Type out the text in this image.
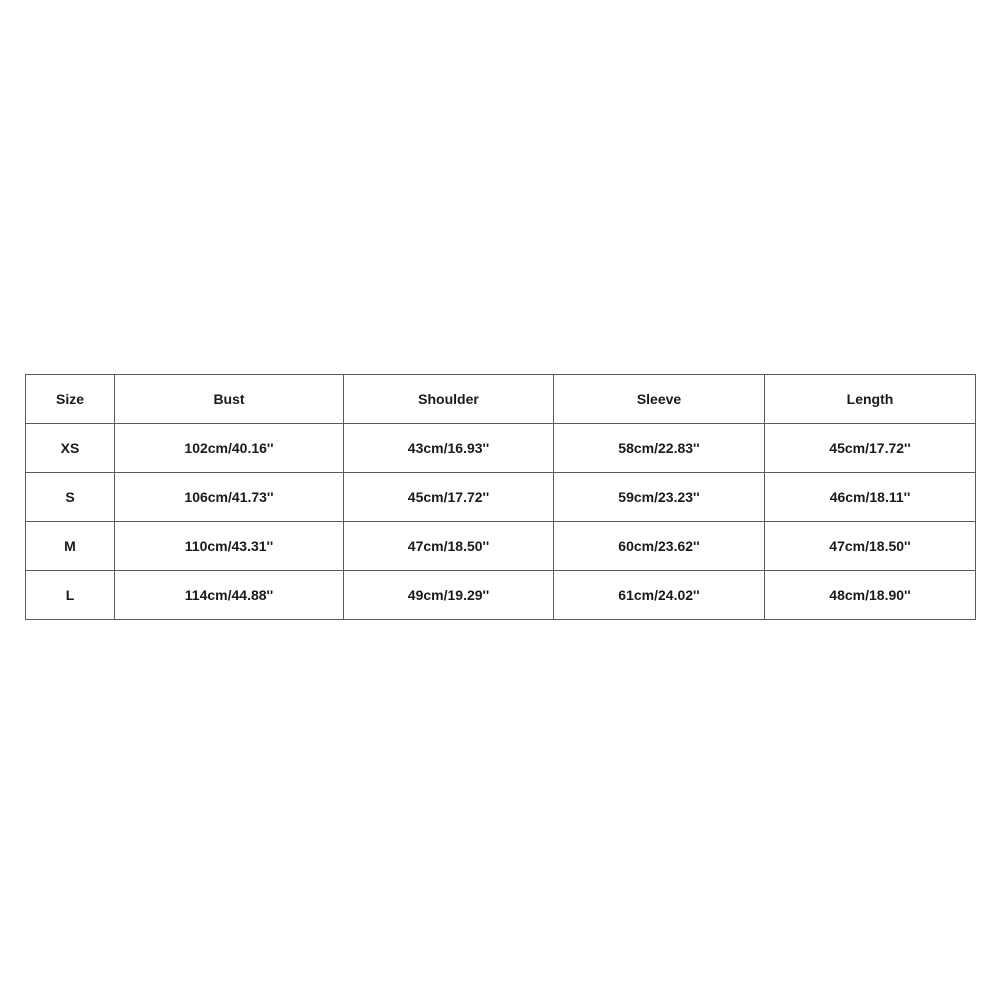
Size	Bust	Shoulder	Sleeve	Length
XS	102cm/40.16''	43cm/16.93''	58cm/22.83''	45cm/17.72''
S	106cm/41.73''	45cm/17.72''	59cm/23.23''	46cm/18.11''
M	110cm/43.31''	47cm/18.50''	60cm/23.62''	47cm/18.50''
L	114cm/44.88''	49cm/19.29''	61cm/24.02''	48cm/18.90''
